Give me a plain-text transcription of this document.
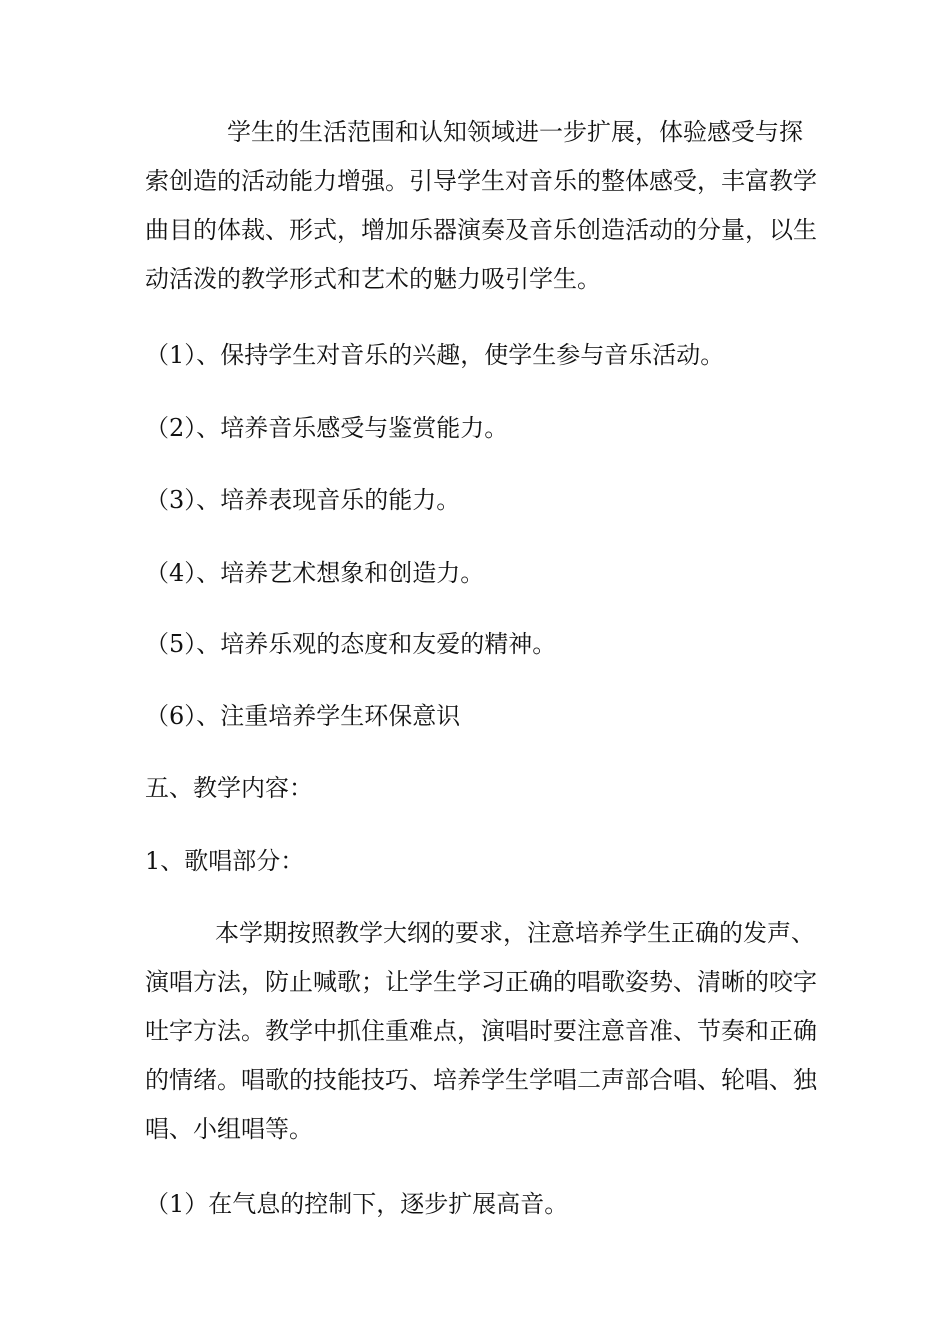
学生的生活范围和认知领域进一步扩展，体验感受与探
索创造的活动能力增强。引导学生对音乐的整体感受，丰富教学
曲目的体裁、形式，增加乐器演奏及音乐创造活动的分量，以生
动活泼的教学形式和艺术的魅力吸引学生。
（1）、保持学生对音乐的兴趣，使学生参与音乐活动。
（2）、培养音乐感受与鉴赏能力。
（3）、培养表现音乐的能力。
（4）、培养艺术想象和创造力。
（5）、培养乐观的态度和友爱的精神。
（6）、注重培养学生环保意识
五、教学内容：
1、歌唱部分：
本学期按照教学大纲的要求，注意培养学生正确的发声、
演唱方法，防止喊歌；让学生学习正确的唱歌姿势、清晰的咬字
吐字方法。教学中抓住重难点，演唱时要注意音准、节奏和正确
的情绪。唱歌的技能技巧、培养学生学唱二声部合唱、轮唱、独
唱、小组唱等。
（1）在气息的控制下，逐步扩展高音。
